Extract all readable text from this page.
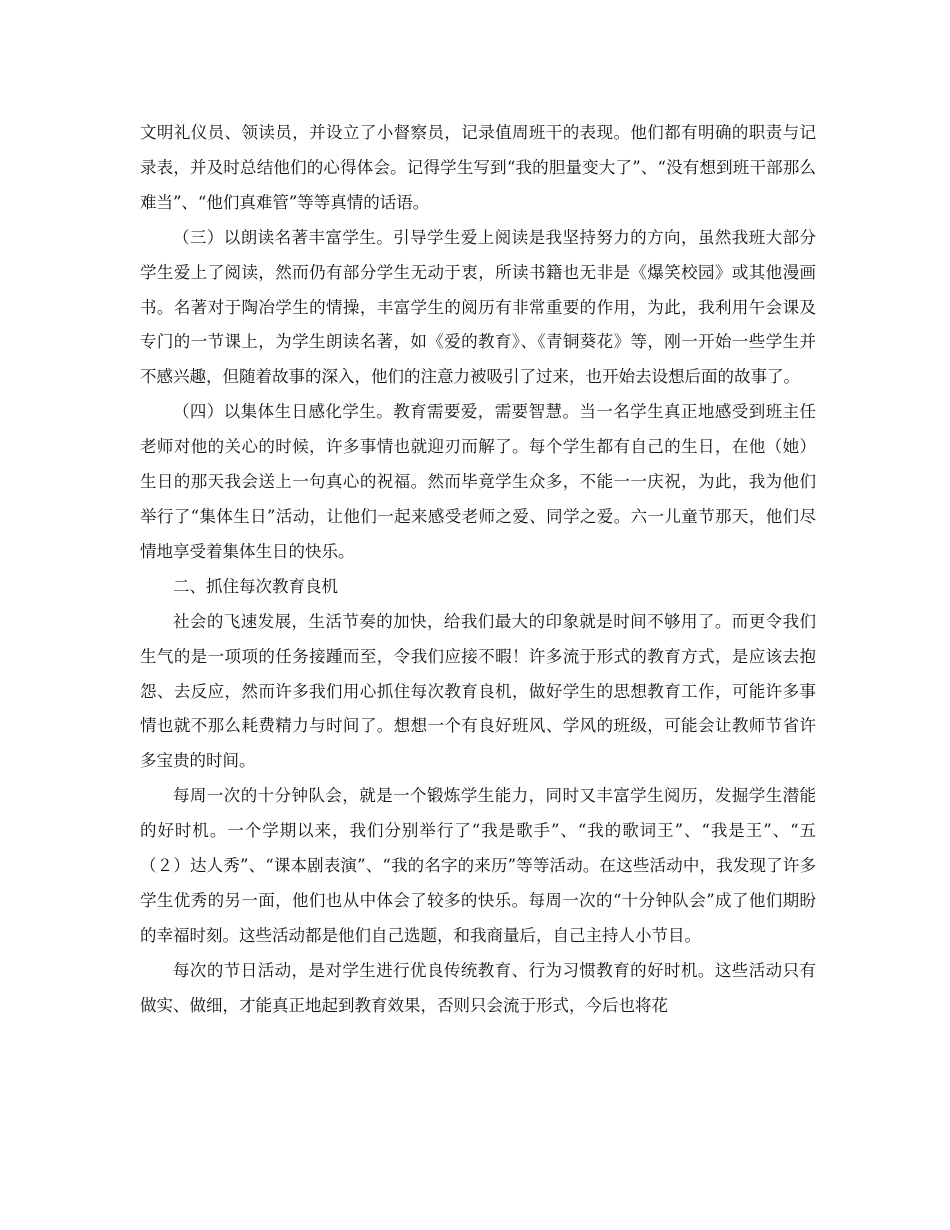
文明礼仪员、领读员，并设立了小督察员，记录值周班干的表现。他们都有明确的职责与记录表，并及时总结他们的心得体会。记得学生写到“我的胆量变大了”、“没有想到班干部那么难当”、“他们真难管”等等真情的话语。

（三）以朗读名著丰富学生。引导学生爱上阅读是我坚持努力的方向，虽然我班大部分学生爱上了阅读，然而仍有部分学生无动于衷，所读书籍也无非是《爆笑校园》或其他漫画书。名著对于陶冶学生的情操，丰富学生的阅历有非常重要的作用，为此，我利用午会课及专门的一节课上，为学生朗读名著，如《爱的教育》、《青铜葵花》等，刚一开始一些学生并不感兴趣，但随着故事的深入，他们的注意力被吸引了过来，也开始去设想后面的故事了。

（四）以集体生日感化学生。教育需要爱，需要智慧。当一名学生真正地感受到班主任老师对他的关心的时候，许多事情也就迎刃而解了。每个学生都有自己的生日，在他（她）生日的那天我会送上一句真心的祝福。然而毕竟学生众多，不能一一庆祝，为此，我为他们举行了“集体生日”活动，让他们一起来感受老师之爱、同学之爱。六一儿童节那天，他们尽情地享受着集体生日的快乐。

二、抓住每次教育良机

社会的飞速发展，生活节奏的加快，给我们最大的印象就是时间不够用了。而更令我们生气的是一项项的任务接踵而至，令我们应接不暇！许多流于形式的教育方式，是应该去抱怨、去反应，然而许多我们用心抓住每次教育良机，做好学生的思想教育工作，可能许多事情也就不那么耗费精力与时间了。想想一个有良好班风、学风的班级，可能会让教师节省许多宝贵的时间。

每周一次的十分钟队会，就是一个锻炼学生能力，同时又丰富学生阅历，发掘学生潜能的好时机。一个学期以来，我们分别举行了“我是歌手”、“我的歌词王”、“我是王”、“五（２）达人秀”、“课本剧表演”、“我的名字的来历”等等活动。在这些活动中，我发现了许多学生优秀的另一面，他们也从中体会了较多的快乐。每周一次的“十分钟队会”成了他们期盼的幸福时刻。这些活动都是他们自己选题，和我商量后，自己主持人小节目。

每次的节日活动，是对学生进行优良传统教育、行为习惯教育的好时机。这些活动只有做实、做细，才能真正地起到教育效果，否则只会流于形式，今后也将花
